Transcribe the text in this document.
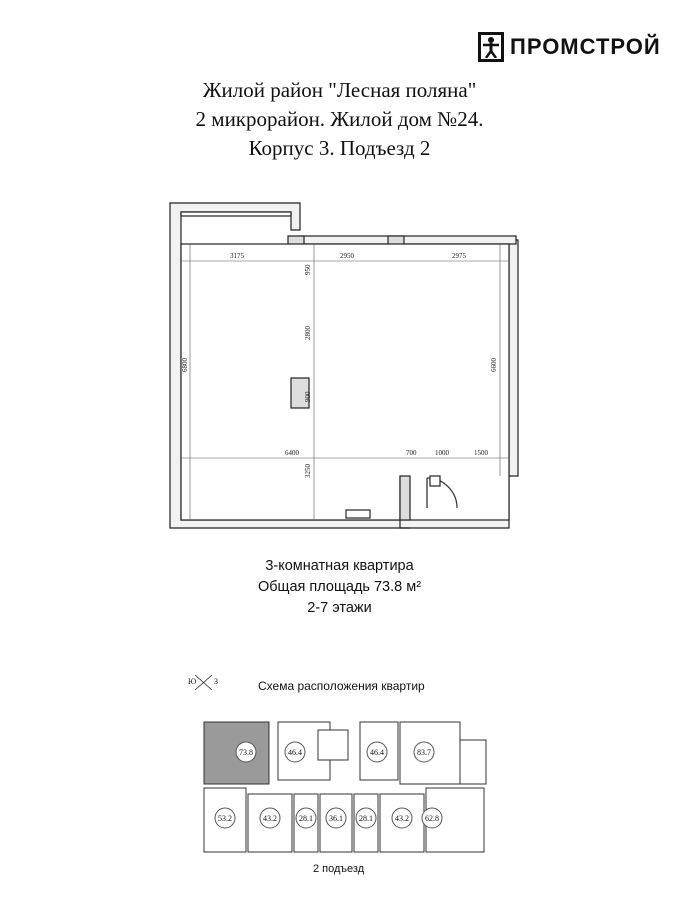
ПРОМСТРОЙ
Жилой район "Лесная поляна"
2 микрорайон. Жилой дом №24.
Корпус 3. Подъезд 2
3175
950
2950	2975
2800
6600
6800
900
6400	700	1000	1500
3250
3-комнатная квартира
Общая площадь 73.8 м²
2-7 этажи
Схема расположения квартир
Ю З
73.8	46.4	46.4	83.7
53.2	43.2	28.1 36.1 28.1	43.2 62.8
2 подъезд
